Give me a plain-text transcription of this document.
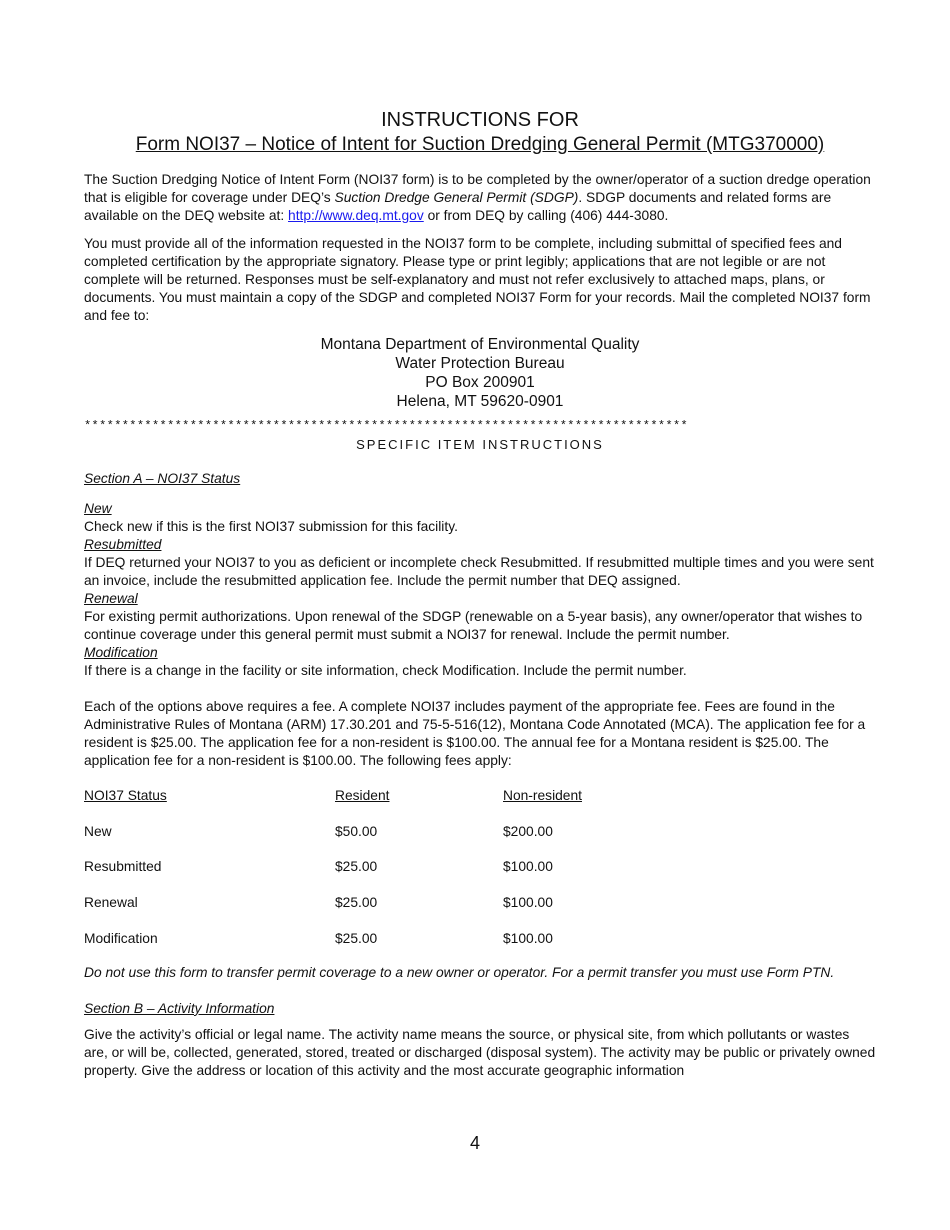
INSTRUCTIONS FOR
Form NOI37 – Notice of Intent for Suction Dredging General Permit (MTG370000)

The Suction Dredging Notice of Intent Form (NOI37 form) is to be completed by the owner/operator of a suction dredge operation that is eligible for coverage under DEQ’s Suction Dredge General Permit (SDGP). SDGP documents and related forms are available on the DEQ website at: http://www.deq.mt.gov or from DEQ by calling (406) 444-3080.

You must provide all of the information requested in the NOI37 form to be complete, including submittal of specified fees and completed certification by the appropriate signatory. Please type or print legibly; applications that are not legible or are not complete will be returned. Responses must be self-explanatory and must not refer exclusively to attached maps, plans, or documents. You must maintain a copy of the SDGP and completed NOI37 Form for your records. Mail the completed NOI37 form and fee to:

Montana Department of Environmental Quality
Water Protection Bureau
PO Box 200901
Helena, MT 59620-0901
********************************************************************************
SPECIFIC ITEM INSTRUCTIONS
Section A – NOI37 Status
New

Check new if this is the first NOI37 submission for this facility.

Resubmitted

If DEQ returned your NOI37 to you as deficient or incomplete check Resubmitted. If resubmitted multiple times and you were sent an invoice, include the resubmitted application fee. Include the permit number that DEQ assigned.

Renewal

For existing permit authorizations. Upon renewal of the SDGP (renewable on a 5-year basis), any owner/operator that wishes to continue coverage under this general permit must submit a NOI37 for renewal. Include the permit number.

Modification

If there is a change in the facility or site information, check Modification. Include the permit number.

Each of the options above requires a fee. A complete NOI37 includes payment of the appropriate fee. Fees are found in the Administrative Rules of Montana (ARM) 17.30.201 and 75-5-516(12), Montana Code Annotated (MCA). The application fee for a resident is $25.00. The application fee for a non-resident is $100.00. The annual fee for a Montana resident is $25.00. The application fee for a non-resident is $100.00. The following fees apply:

NOI37 Status	Resident	Non-resident

New	$50.00	$200.00

Resubmitted	$25.00	$100.00

Renewal	$25.00	$100.00

Modification	$25.00	$100.00

Do not use this form to transfer permit coverage to a new owner or operator. For a permit transfer you must use Form PTN.

Section B – Activity Information

Give the activity’s official or legal name. The activity name means the source, or physical site, from which pollutants or wastes are, or will be, collected, generated, stored, treated or discharged (disposal system). The activity may be public or privately owned property. Give the address or location of this activity and the most accurate geographic information

4
